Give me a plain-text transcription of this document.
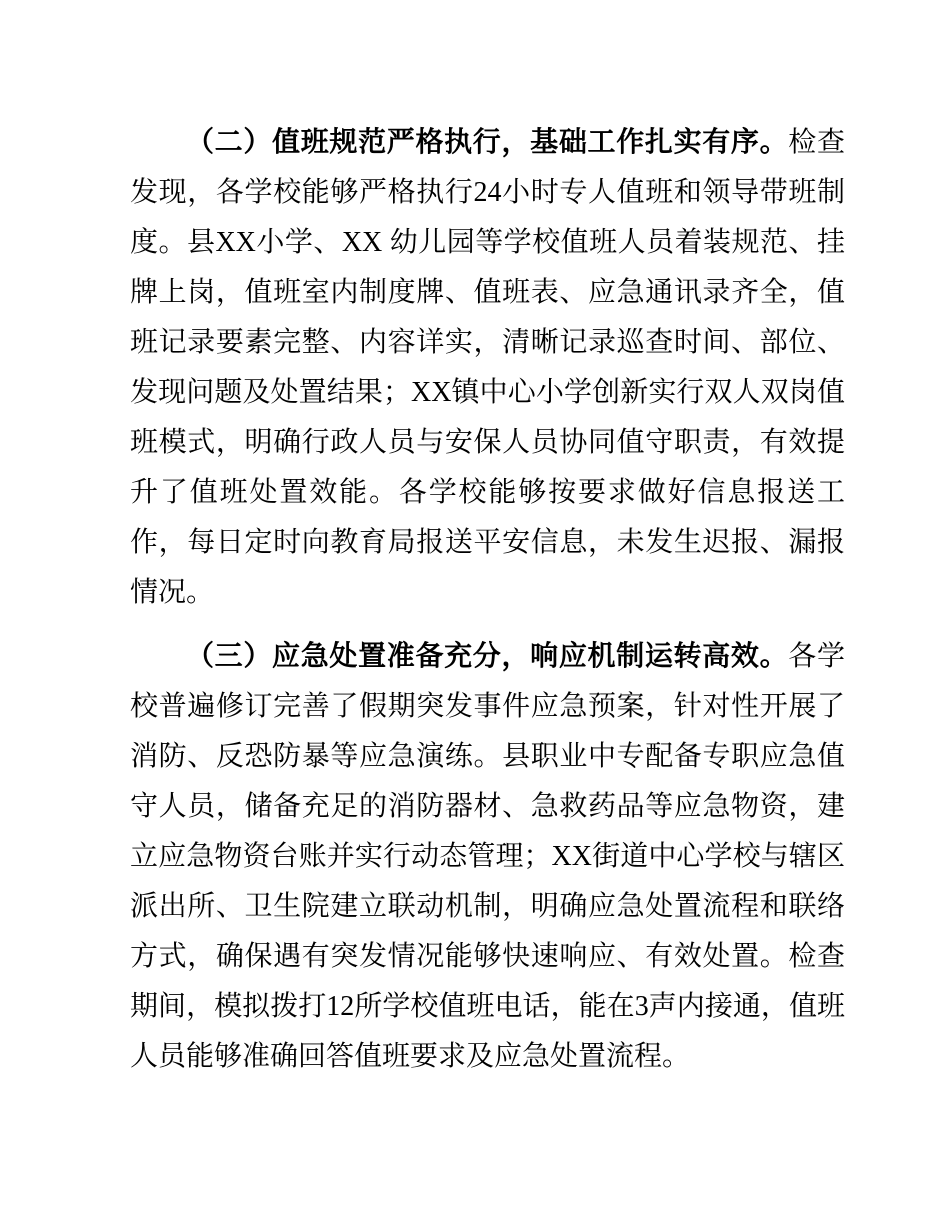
（二）值班规范严格执行，基础工作扎实有序。检查发现，各学校能够严格执行24小时专人值班和领导带班制度。县XX小学、XX 幼儿园等学校值班人员着装规范、挂牌上岗，值班室内制度牌、值班表、应急通讯录齐全，值班记录要素完整、内容详实，清晰记录巡查时间、部位、发现问题及处置结果；XX镇中心小学创新实行双人双岗值班模式，明确行政人员与安保人员协同值守职责，有效提升了值班处置效能。各学校能够按要求做好信息报送工作，每日定时向教育局报送平安信息，未发生迟报、漏报情况。

（三）应急处置准备充分，响应机制运转高效。各学校普遍修订完善了假期突发事件应急预案，针对性开展了消防、反恐防暴等应急演练。县职业中专配备专职应急值守人员，储备充足的消防器材、急救药品等应急物资，建立应急物资台账并实行动态管理；XX街道中心学校与辖区派出所、卫生院建立联动机制，明确应急处置流程和联络方式，确保遇有突发情况能够快速响应、有效处置。检查期间，模拟拨打12所学校值班电话，能在3声内接通，值班人员能够准确回答值班要求及应急处置流程。
